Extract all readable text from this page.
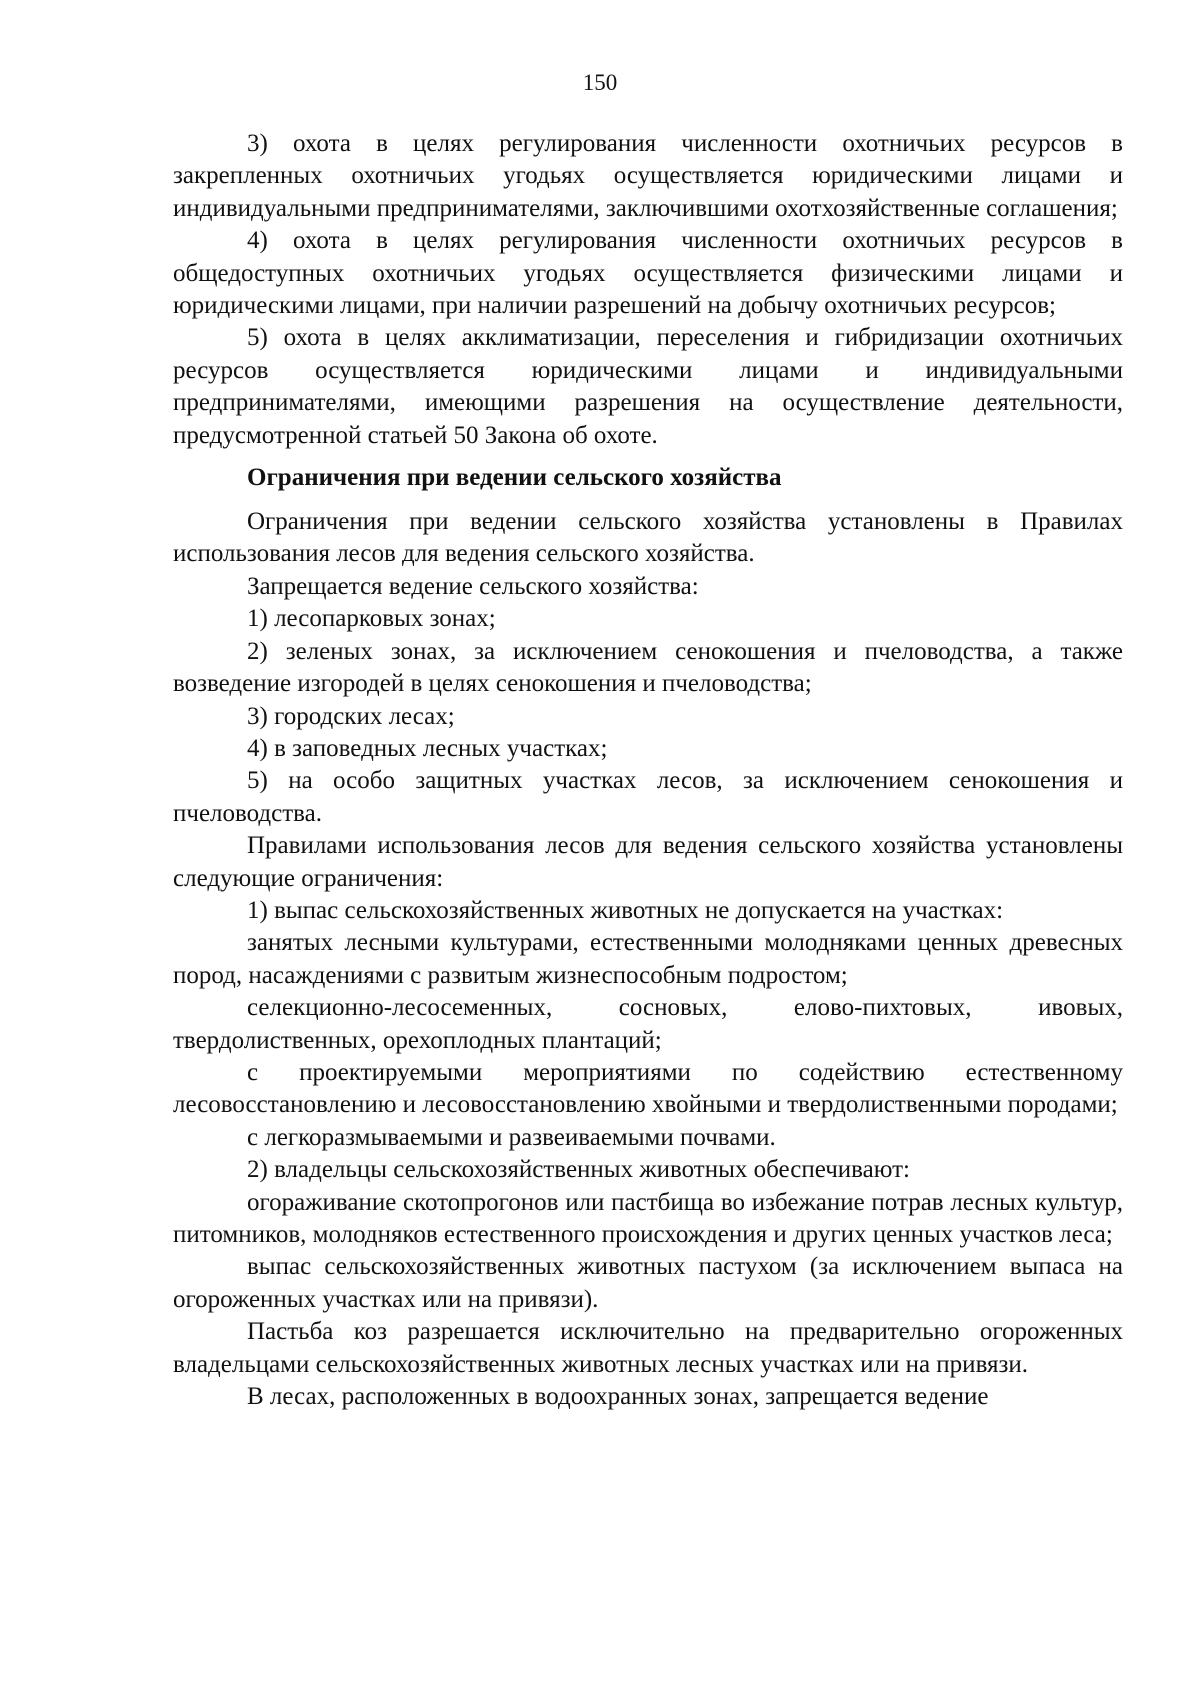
150

3) охота в целях регулирования численности охотничьих ресурсов в закрепленных охотничьих угодьях осуществляется юридическими лицами и индивидуальными предпринимателями, заключившими охотхозяйственные соглашения;

4) охота в целях регулирования численности охотничьих ресурсов в общедоступных охотничьих угодьях осуществляется физическими лицами и юридическими лицами, при наличии разрешений на добычу охотничьих ресурсов;

5) охота в целях акклиматизации, переселения и гибридизации охотничьих ресурсов осуществляется юридическими лицами и индивидуальными предпринимателями, имеющими разрешения на осуществление деятельности, предусмотренной статьей 50 Закона об охоте.

Ограничения при ведении сельского хозяйства

Ограничения при ведении сельского хозяйства установлены в Правилах использования лесов для ведения сельского хозяйства.

Запрещается ведение сельского хозяйства:

1) лесопарковых зонах;

2) зеленых зонах, за исключением сенокошения и пчеловодства, а также возведение изгородей в целях сенокошения и пчеловодства;

3) городских лесах;

4) в заповедных лесных участках;

5) на особо защитных участках лесов, за исключением сенокошения и пчеловодства.

Правилами использования лесов для ведения сельского хозяйства установлены следующие ограничения:

1) выпас сельскохозяйственных животных не допускается на участках:

занятых лесными культурами, естественными молодняками ценных древесных пород, насаждениями с развитым жизнеспособным подростом;

селекционно-лесосеменных, сосновых, елово-пихтовых, ивовых, твердолиственных, орехоплодных плантаций;

с проектируемыми мероприятиями по содействию естественному лесовосстановлению и лесовосстановлению хвойными и твердолиственными породами;

с легкоразмываемыми и развеиваемыми почвами.

2) владельцы сельскохозяйственных животных обеспечивают:

огораживание скотопрогонов или пастбища во избежание потрав лесных культур, питомников, молодняков естественного происхождения и других ценных участков леса;

выпас сельскохозяйственных животных пастухом (за исключением выпаса на огороженных участках или на привязи).

Пастьба коз разрешается исключительно на предварительно огороженных владельцами сельскохозяйственных животных лесных участках или на привязи.

В лесах, расположенных в водоохранных зонах, запрещается ведение
